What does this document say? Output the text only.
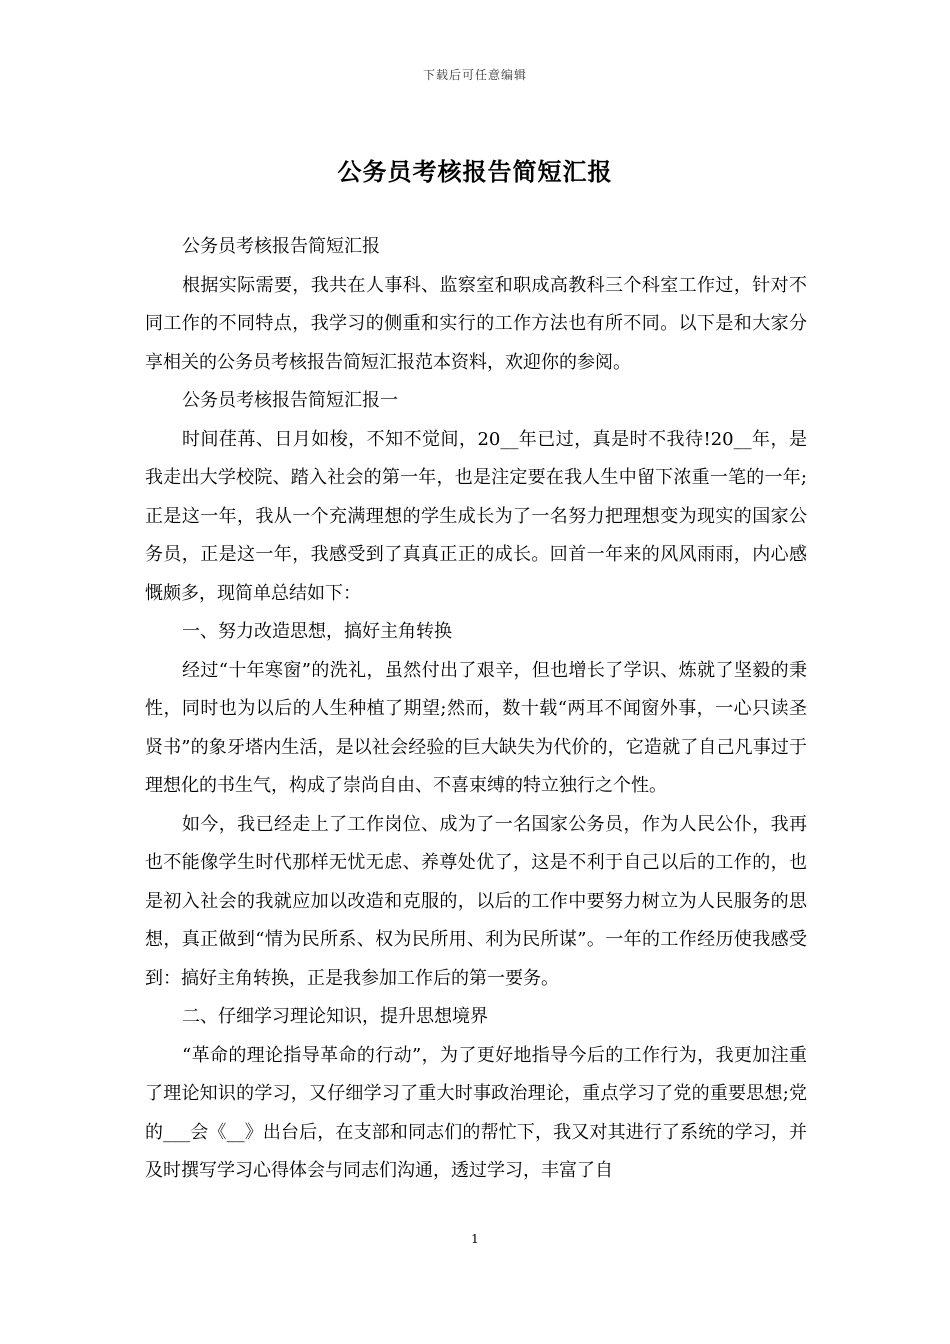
下载后可任意编辑
公务员考核报告简短汇报

公务员考核报告简短汇报

根据实际需要，我共在人事科、监察室和职成高教科三个科室工作过，针对不同工作的不同特点，我学习的侧重和实行的工作方法也有所不同。以下是和大家分享相关的公务员考核报告简短汇报范本资料，欢迎你的参阅。

公务员考核报告简短汇报一

时间荏苒、日月如梭，不知不觉间，20__年已过，真是时不我待!20__年，是我走出大学校院、踏入社会的第一年，也是注定要在我人生中留下浓重一笔的一年;正是这一年，我从一个充满理想的学生成长为了一名努力把理想变为现实的国家公务员，正是这一年，我感受到了真真正正的成长。回首一年来的风风雨雨，内心感慨颇多，现简单总结如下：

一、努力改造思想，搞好主角转换

经过“十年寒窗”的洗礼，虽然付出了艰辛，但也增长了学识、炼就了坚毅的秉性，同时也为以后的人生种植了期望;然而，数十载“两耳不闻窗外事，一心只读圣贤书”的象牙塔内生活，是以社会经验的巨大缺失为代价的，它造就了自己凡事过于理想化的书生气，构成了崇尚自由、不喜束缚的特立独行之个性。

如今，我已经走上了工作岗位、成为了一名国家公务员，作为人民公仆，我再也不能像学生时代那样无忧无虑、养尊处优了，这是不利于自己以后的工作的，也是初入社会的我就应加以改造和克服的，以后的工作中要努力树立为人民服务的思想，真正做到“情为民所系、权为民所用、利为民所谋”。一年的工作经历使我感受到：搞好主角转换，正是我参加工作后的第一要务。

二、仔细学习理论知识，提升思想境界

“革命的理论指导革命的行动”，为了更好地指导今后的工作行为，我更加注重了理论知识的学习，又仔细学习了重大时事政治理论，重点学习了党的重要思想;党的___会《__》出台后，在支部和同志们的帮忙下，我又对其进行了系统的学习，并及时撰写学习心得体会与同志们沟通，透过学习，丰富了自

1
